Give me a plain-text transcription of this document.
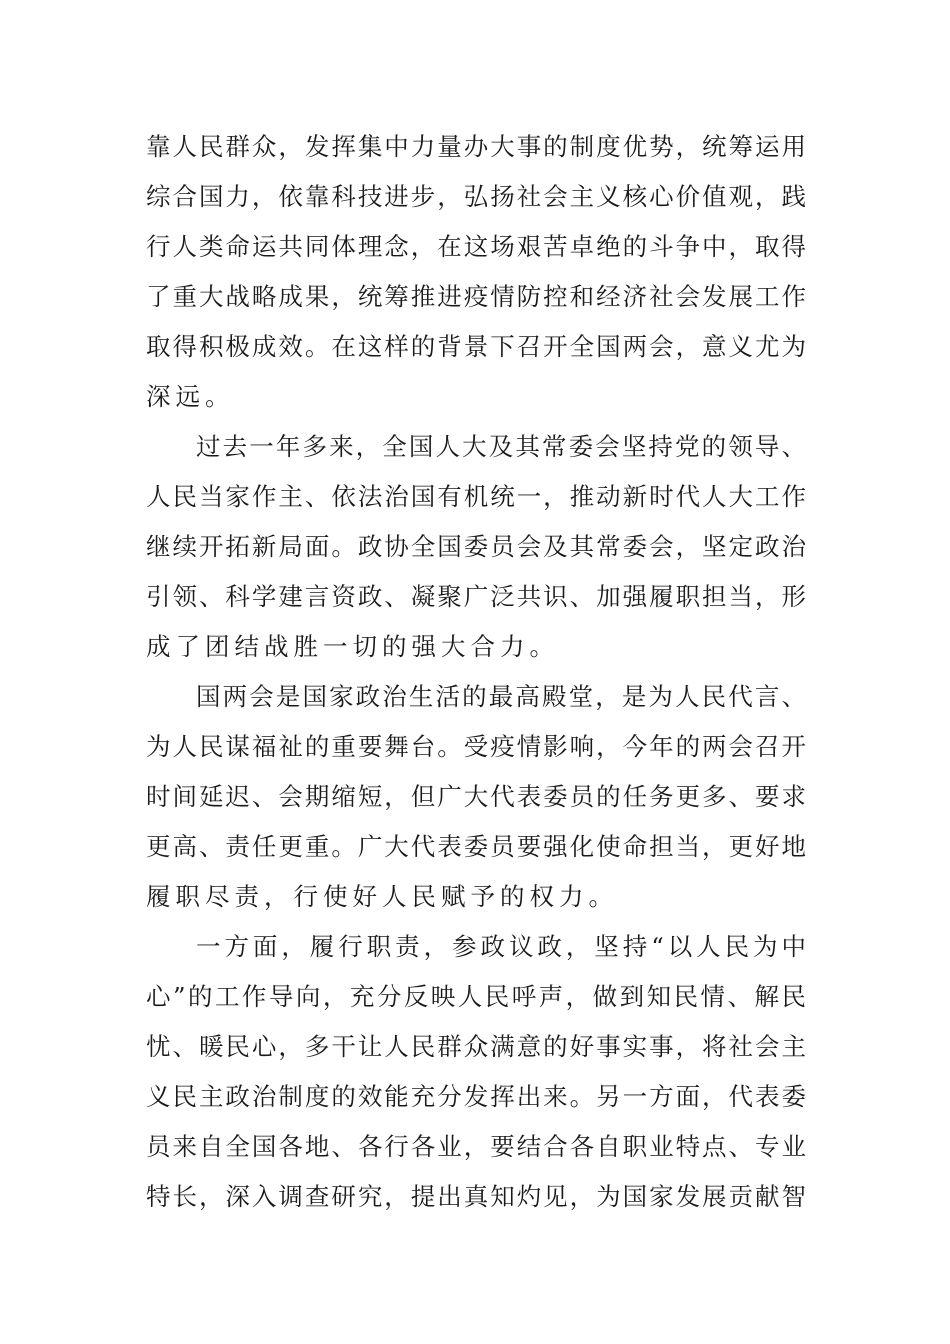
靠人民群众，发挥集中力量办大事的制度优势，统筹运用
综合国力，依靠科技进步，弘扬社会主义核心价值观，践
行人类命运共同体理念，在这场艰苦卓绝的斗争中，取得
了重大战略成果，统筹推进疫情防控和经济社会发展工作
取得积极成效。在这样的背景下召开全国两会，意义尤为
深远。
过去一年多来，全国人大及其常委会坚持党的领导、
人民当家作主、依法治国有机统一，推动新时代人大工作
继续开拓新局面。政协全国委员会及其常委会，坚定政治
引领、科学建言资政、凝聚广泛共识、加强履职担当，形
成了团结战胜一切的强大合力。
国两会是国家政治生活的最高殿堂，是为人民代言、
为人民谋福祉的重要舞台。受疫情影响，今年的两会召开
时间延迟、会期缩短，但广大代表委员的任务更多、要求
更高、责任更重。广大代表委员要强化使命担当，更好地
履职尽责，行使好人民赋予的权力。
一方面，履行职责，参政议政，坚持“以人民为中
心”的工作导向，充分反映人民呼声，做到知民情、解民
忧、暖民心，多干让人民群众满意的好事实事，将社会主
义民主政治制度的效能充分发挥出来。另一方面，代表委
员来自全国各地、各行各业，要结合各自职业特点、专业
特长，深入调查研究，提出真知灼见，为国家发展贡献智
